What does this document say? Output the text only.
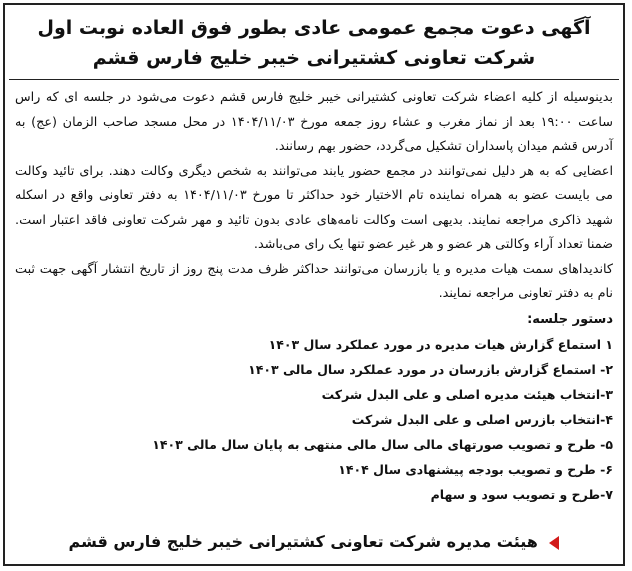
آگهی دعوت مجمع عمومی عادی بطور فوق العاده نوبت اول
شرکت تعاونی کشتیرانی خیبر خلیج فارس قشم

بدینوسیله از کلیه اعضاء شرکت تعاونی کشتیرانی خیبر خلیج فارس قشم دعوت می‌شود در جلسه ای که راس ساعت ۱۹:۰۰ بعد از نماز مغرب و عشاء روز جمعه مورخ ۱۴۰۴/۱۱/۰۳ در محل مسجد صاحب الزمان (عج) به آدرس قشم میدان پاسداران تشکیل می‌گردد، حضور بهم رسانند.

اعضایی که به هر دلیل نمی‌توانند در مجمع حضور یابند می‌توانند به شخص دیگری وکالت دهند. برای تائید وکالت می بایست عضو به همراه نماینده تام الاختیار خود حداکثر تا مورخ ۱۴۰۴/۱۱/۰۳ به دفتر تعاونی واقع در اسکله شهید ذاکری مراجعه نمایند. بدیهی است وکالت نامه‌های عادی بدون تائید و مهر شرکت تعاونی فاقد اعتبار است. ضمنا تعداد آراء وکالتی هر عضو و هر غیر عضو تنها یک رای می‌باشد.

کاندیداهای سمت هیات مدیره و یا بازرسان می‌توانند حداکثر ظرف مدت پنج روز از تاریخ انتشار آگهی جهت ثبت نام به دفتر تعاونی مراجعه نمایند.

دستور جلسه:
۱ استماع گزارش هیات مدیره در مورد عملکرد سال ۱۴۰۳
۲- استماع گزارش بازرسان در مورد عملکرد سال مالی ۱۴۰۳
۳-انتخاب هیئت مدیره اصلی و علی البدل شرکت
۴-انتخاب بازرس اصلی و علی البدل شرکت
۵- طرح و تصویب صورتهای مالی سال مالی منتهی به پایان سال مالی ۱۴۰۳
۶- طرح و تصویب بودجه پیشنهادی سال ۱۴۰۴
۷-طرح و تصویب سود و سهام
هیئت مدیره شرکت تعاونی کشتیرانی خیبر خلیج فارس قشم
